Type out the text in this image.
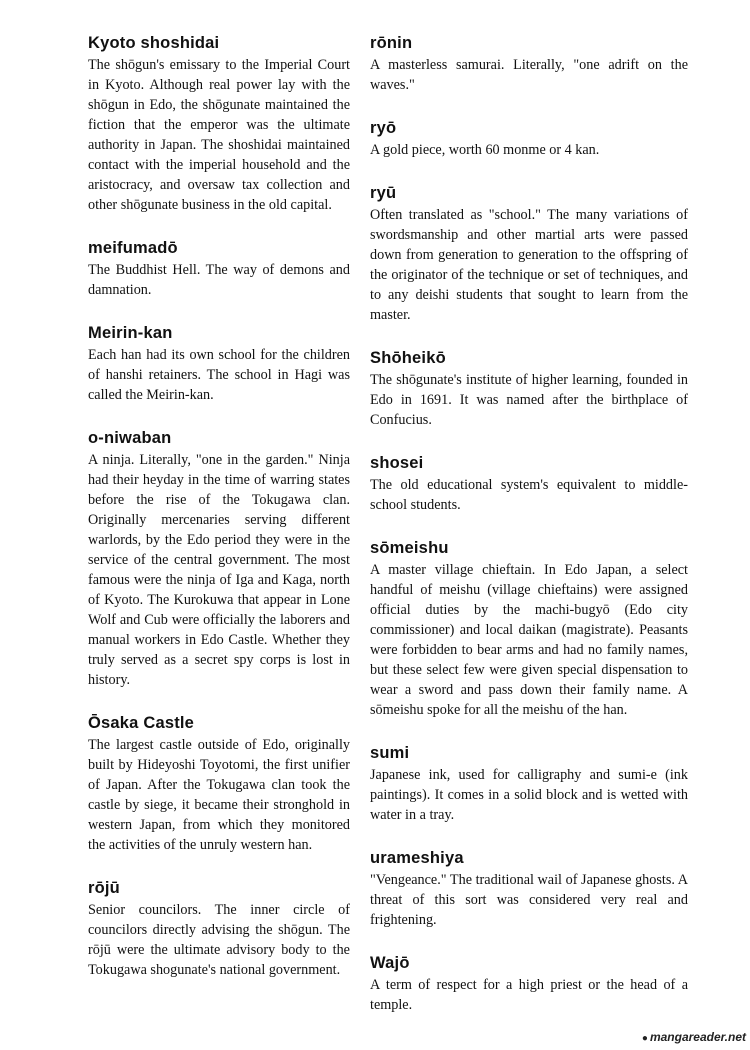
Kyoto shoshidai

The shōgun's emissary to the Imperial Court in Kyoto. Although real power lay with the shōgun in Edo, the shōgunate maintained the fiction that the emperor was the ultimate authority in Japan. The shoshidai maintained contact with the imperial household and the aristocracy, and oversaw tax collection and other shōgunate business in the old capital.

meifumadō

The Buddhist Hell. The way of demons and damnation.

Meirin-kan

Each han had its own school for the children of hanshi retainers. The school in Hagi was called the Meirin-kan.

o-niwaban

A ninja. Literally, "one in the garden." Ninja had their heyday in the time of warring states before the rise of the Tokugawa clan. Originally mercenaries serving different warlords, by the Edo period they were in the service of the central government. The most famous were the ninja of Iga and Kaga, north of Kyoto. The Kurokuwa that appear in Lone Wolf and Cub were officially the laborers and manual workers in Edo Castle. Whether they truly served as a secret spy corps is lost in history.

Ōsaka Castle

The largest castle outside of Edo, originally built by Hideyoshi Toyotomi, the first unifier of Japan. After the Tokugawa clan took the castle by siege, it became their stronghold in western Japan, from which they monitored the activities of the unruly western han.

rōjū

Senior councilors. The inner circle of councilors directly advising the shōgun. The rōjū were the ultimate advisory body to the Tokugawa shogunate's national government.

rōnin

A masterless samurai. Literally, "one adrift on the waves."

ryō

A gold piece, worth 60 monme or 4 kan.

ryū

Often translated as "school." The many variations of swordsmanship and other martial arts were passed down from generation to generation to the offspring of the originator of the technique or set of techniques, and to any deishi students that sought to learn from the master.

Shōheikō

The shōgunate's institute of higher learning, founded in Edo in 1691. It was named after the birthplace of Confucius.

shosei

The old educational system's equivalent to middle-school students.

sōmeishu

A master village chieftain. In Edo Japan, a select handful of meishu (village chieftains) were assigned official duties by the machi-bugyō (Edo city commissioner) and local daikan (magistrate). Peasants were forbidden to bear arms and had no family names, but these select few were given special dispensation to wear a sword and pass down their family name. A sōmeishu spoke for all the meishu of the han.

sumi

Japanese ink, used for calligraphy and sumi-e (ink paintings). It comes in a solid block and is wetted with water in a tray.

urameshiya

"Vengeance." The traditional wail of Japanese ghosts. A threat of this sort was considered very real and frightening.

Wajō

A term of respect for a high priest or the head of a temple.

● mangareader.net
